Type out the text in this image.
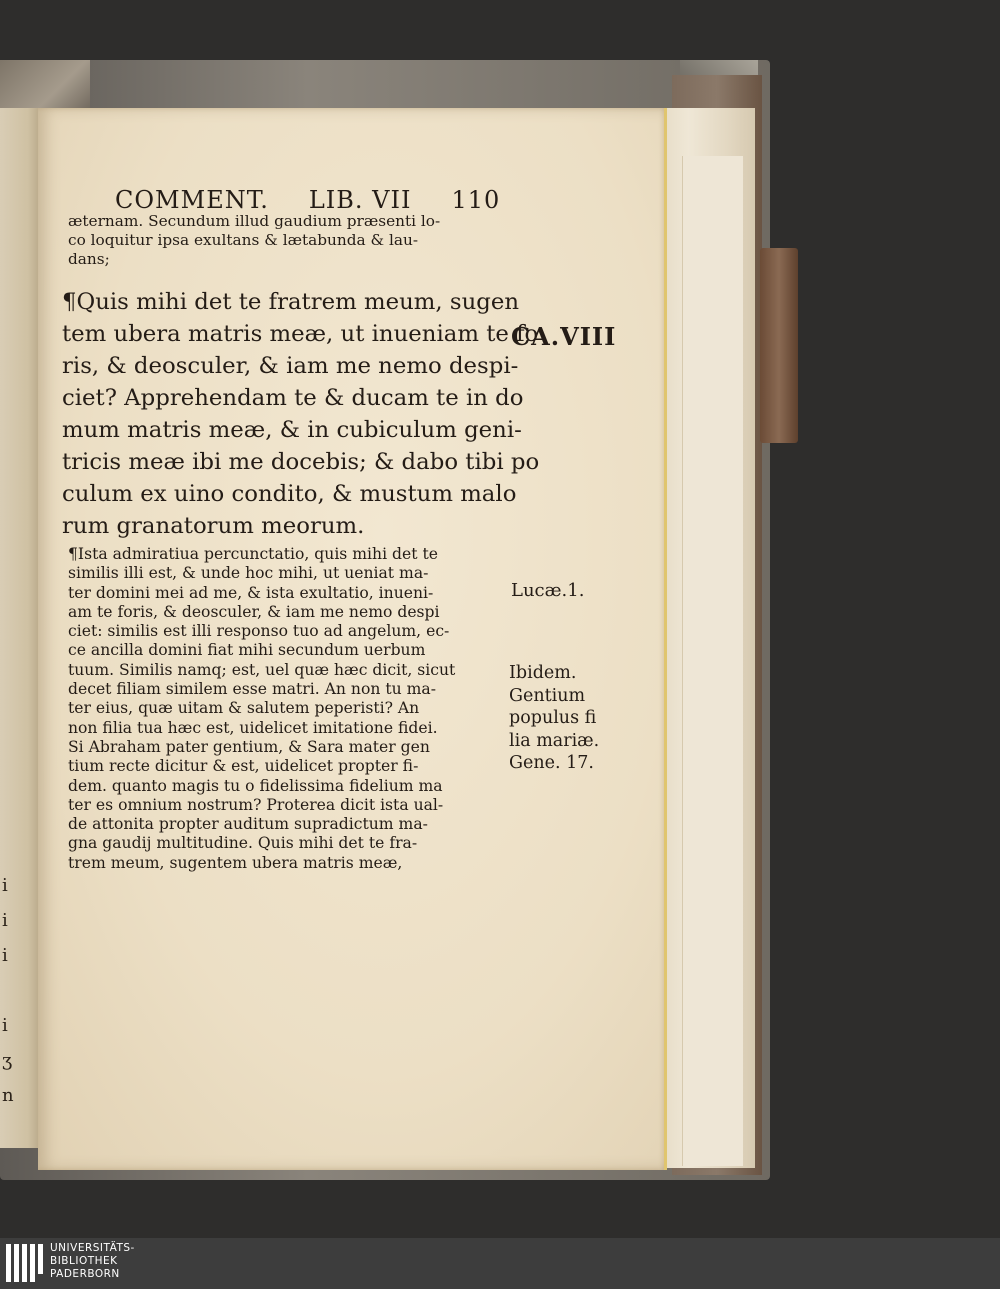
i
i
i

i
ʒ
n
COMMENT. LIB. VII 110
æternam. Secundum illud gaudium præsenti lo-
co loquitur ipsa exultans & lætabunda & lau-
dans;
¶Quis mihi det te fratrem meum, sugen
tem ubera matris meæ, ut inueniam te fo
ris, & deosculer, & iam me nemo despi-
ciet? Apprehendam te & ducam te in do
mum matris meæ, & in cubiculum geni-
tricis meæ ibi me docebis; & dabo tibi po
culum ex uino condito, & mustum malo
rum granatorum meorum.
¶Ista admiratiua percunctatio, quis mihi det te
similis illi est, & unde hoc mihi, ut ueniat ma-
ter domini mei ad me, & ista exultatio, inueni-
am te foris, & deosculer, & iam me nemo despi
ciet: similis est illi responso tuo ad angelum, ec-
ce ancilla domini fiat mihi secundum uerbum
tuum. Similis namq; est, uel quæ hæc dicit, sicut
decet filiam similem esse matri. An non tu ma-
ter eius, quæ uitam & salutem peperisti? An
non filia tua hæc est, uidelicet imitatione fidei.
Si Abraham pater gentium, & Sara mater gen
tium recte dicitur & est, uidelicet propter fi-
dem. quanto magis tu o fidelissima fidelium ma
ter es omnium nostrum? Proterea dicit ista ual-
de attonita propter auditum supradictum ma-
gna gaudij multitudine. Quis mihi det te fra-
trem meum, sugentem ubera matris meæ,
CA.VIII
Lucæ.1.
Ibidem.
Gentium
populus fi
lia mariæ.
Gene. 17.
UNIVERSITÄTS-
BIBLIOTHEK
PADERBORN
